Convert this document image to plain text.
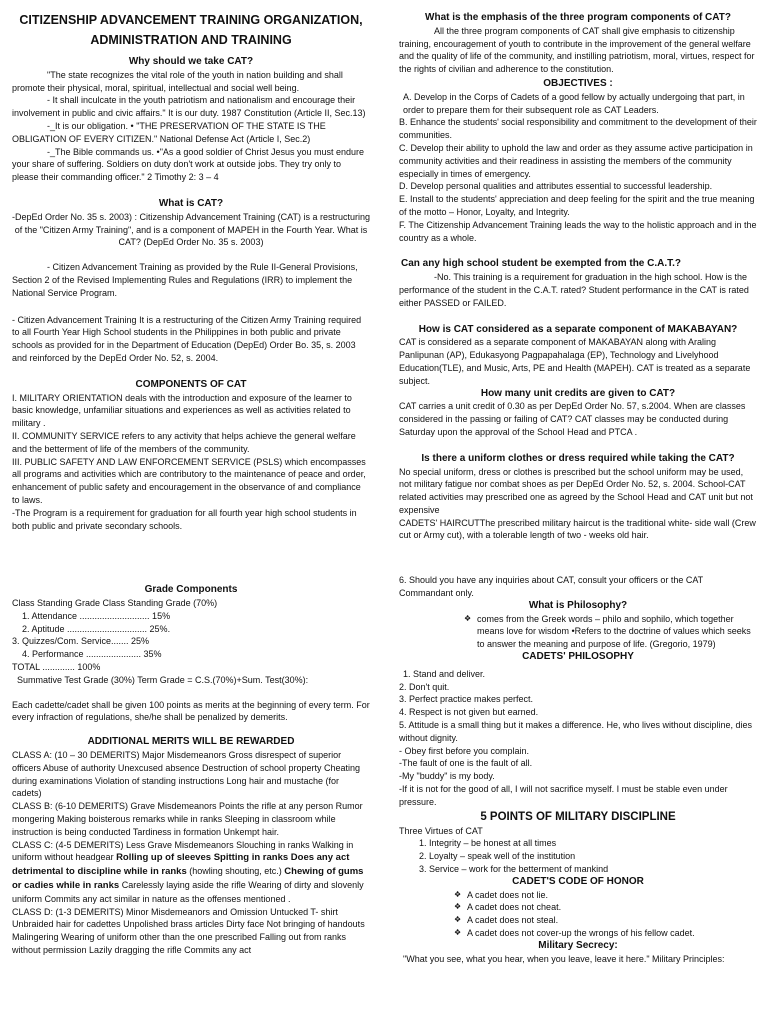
CITIZENSHIP ADVANCEMENT TRAINING ORGANIZATION, ADMINISTRATION AND TRAINING
Why should we take CAT?

"The state recognizes the vital role of the youth in nation building and shall promote their physical, moral, spiritual, intellectual and social well being.

- It shall inculcate in the youth patriotism and nationalism and encourage their involvement in public and civic affairs." It is our duty. 1987 Constitution (Article II, Sec.13)

-_It is our obligation. • "THE PRESERVATION OF THE STATE IS THE OBLIGATION OF EVERY CITIZEN." National Defense Act (Article I, Sec.2)

-_The Bible commands us. •"As a good soldier of Christ Jesus you must endure your share of suffering. Soldiers on duty don't work at outside jobs. They try only to please their commanding officer." 2 Timothy 2: 3 – 4

What is CAT?

-DepEd Order No. 35 s. 2003) : Citizenship Advancement Training (CAT) is a restructuring of the "Citizen Army Training", and is a component of MAPEH in the Fourth Year. What is CAT? (DepEd Order No. 35 s. 2003)

- Citizen Advancement Training as provided by the Rule II-General Provisions, Section 2 of the Revised Implementing Rules and Regulations (IRR) to implement the National Service Program.

- Citizen Advancement Training It is a restructuring of the Citizen Army Training required to all Fourth Year High School students in the Philippines in both public and private schools as provided for in the Department of Education (DepEd) Order Bo. 35, s. 2003 and reinforced by the DepEd Order No. 52, s. 2004.

COMPONENTS OF CAT

I. MILITARY ORIENTATION deals with the introduction and exposure of the learner to basic knowledge, unfamiliar situations and experiences as well as activities related to military .

II. COMMUNITY SERVICE refers to any activity that helps achieve the general welfare and the betterment of life of the members of the community.

III. PUBLIC SAFETY AND LAW ENFORCEMENT SERVICE (PSLS) which encompasses all programs and activities which are contributory to the maintenance of peace and order, enhancement of public safety and encouragement in the observance of and compliance to laws.

-The Program is a requirement for graduation for all fourth year high school students in both public and private secondary schools.

Grade Components

Class Standing Grade Class Standing Grade (70%)

1. Attendance ............................ 15%
2. Aptitude ................................ 25%.
3. Quizzes/Com. Service....... 25%
4. Performance ...................... 35%

TOTAL ............. 100%

Summative Test Grade (30%) Term Grade = C.S.(70%)+Sum. Test(30%):

Each cadette/cadet shall be given 100 points as merits at the beginning of every term. For every infraction of regulations, she/he shall be penalized by demerits.

ADDITIONAL MERITS WILL BE REWARDED

CLASS A: (10 – 30 DEMERITS) Major Misdemeanors Gross disrespect of superior officers Abuse of authority Unexcused absence Destruction of school property Cheating during examinations Violation of standing instructions Long hair and mustache (for cadets)

CLASS B: (6-10 DEMERITS) Grave Misdemeanors Points the rifle at any person Rumor mongering Making boisterous remarks while in ranks Sleeping in classroom while instruction is being conducted Tardiness in formation Unkempt hair.

CLASS C: (4-5 DEMERITS) Less Grave Misdemeanors Slouching in ranks Walking in uniform without headgear Rolling up of sleeves Spitting in ranks Does any act detrimental to discipline while in ranks (howling shouting, etc.) Chewing of gums or cadies while in ranks Carelessly laying aside the rifle Wearing of dirty and slovenly uniform Commits any act similar in nature as the offenses mentioned .

CLASS D: (1-3 DEMERITS) Minor Misdemeanors and Omission Untucked T- shirt Unbraided hair for cadettes Unpolished brass articles Dirty face Not bringing of handouts Malingering Wearing of uniform other than the one prescribed Falling out from ranks without permission Lazily dragging the rifle Commits any act

What is the emphasis of the three program components of CAT?

All the three program components of CAT shall give emphasis to citizenship training, encouragement of youth to contribute in the improvement of the general welfare and the quality of life of the community, and instilling patriotism, moral, virtues, respect for the rights of civilian and adherence to the constitution.

OBJECTIVES :

A. Develop in the Corps of Cadets of a good fellow by actually undergoing that part, in order to prepare them for their subsequent role as CAT Leaders.

B. Enhance the students' social responsibility and commitment to the development of their communities.

C. Develop their ability to uphold the law and order as they assume active participation in community activities and their readiness in assisting the members of the community especially in times of emergency.

D. Develop personal qualities and attributes essential to successful leadership.

E. Install to the students' appreciation and deep feeling for the spirit and the true meaning of the motto – Honor, Loyalty, and Integrity.

F. The Citizenship Advancement Training leads the way to the holistic approach and in the country as a whole.

Can any high school student be exempted from the C.A.T.?

-No. This training is a requirement for graduation in the high school. How is the performance of the student in the C.A.T. rated? Student performance in the CAT is rated either PASSED or FAILED.

How is CAT considered as a separate component of MAKABAYAN?

CAT is considered as a separate component of MAKABAYAN along with Araling Panlipunan (AP), Edukasyong Pagpapahalaga (EP), Technology and Livelyhood Education(TLE), and Music, Arts, PE and Health (MAPEH). CAT is treated as a separate subject.

How many unit credits are given to CAT?

CAT carries a unit credit of 0.30 as per DepEd Order No. 57, s.2004. When are classes considered in the passing or failing of CAT? CAT classes may be conducted during Saturday upon the approval of the School Head and PTCA .

Is there a uniform clothes or dress required while taking the CAT?

No special uniform, dress or clothes is prescribed but the school uniform may be used, not military fatigue nor combat shoes as per DepEd Order No. 52, s. 2004. School-CAT related activities may prescribed one as agreed by the School Head and CAT unit but not expensive

CADETS' HAIRCUTThe prescribed military haircut is the traditional white- side wall (Crew cut or Army cut), with a tolerable length of two - weeks old hair.

6. Should you have any inquiries about CAT, consult your officers or the CAT Commandant only.

What is Philosophy?
❖ comes from the Greek words – philo and sophilo, which together means love for wisdom •Refers to the doctrine of values which seeks to answer the meaning and purpose of life. (Gregorio, 1979)
CADETS' PHILOSOPHY

1. Stand and deliver.

2. Don't quit.

3. Perfect practice makes perfect.

4. Respect is not given but earned.

5. Attitude is a small thing but it makes a difference. He, who lives without discipline, dies without dignity.

- Obey first before you complain.

-The fault of one is the fault of all.

-My "buddy" is my body.

-If it is not for the good of all, I will not sacrifice myself. I must be stable even under pressure.

5 POINTS OF MILITARY DISCIPLINE

Three Virtues of CAT

1. Integrity – be honest at all times

2. Loyalty – speak well of the institution

3. Service – work for the betterment of mankind

CADET'S CODE OF HONOR
❖ A cadet does not lie.
❖ A cadet does not cheat.
❖ A cadet does not steal.
❖ A cadet does not cover-up the wrongs of his fellow cadet.
Military Secrecy:

"What you see, what you hear, when you leave, leave it here." Military Principles:
